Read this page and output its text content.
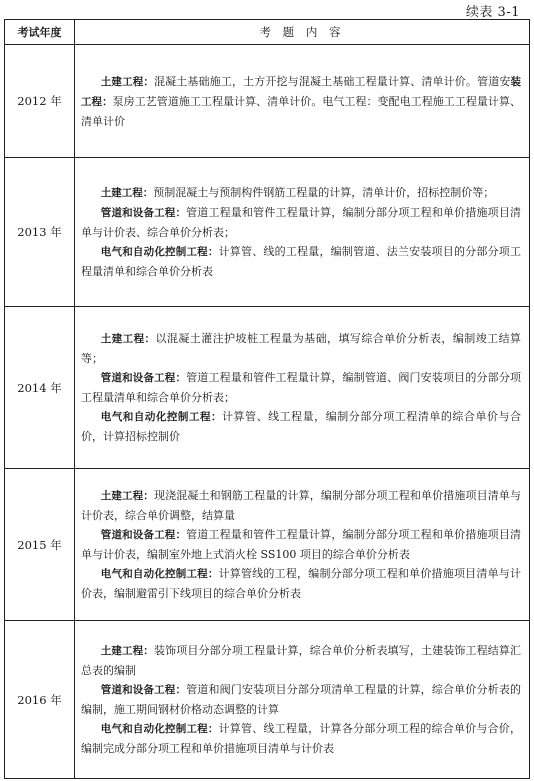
续表 3-1
考试年度	考 题 内 容
2012 年	土建工程：混凝土基础施工，土方开挖与混凝土基础工程量计算、清单计价。管道安装工程：泵房工艺管道施工工程量计算、清单计价。电气工程：变配电工程施工工程量计算、清单计价

2013 年	土建工程：预制混凝土与预制构件钢筋工程量的计算，清单计价，招标控制价等；

管道和设备工程：管道工程量和管件工程量计算，编制分部分项工程和单价措施项目清单与计价表、综合单价分析表；

电气和自动化控制工程：计算管、线的工程量，编制管道、法兰安装项目的分部分项工程量清单和综合单价分析表

2014 年	土建工程：以混凝土灌注护坡桩工程量为基础，填写综合单价分析表，编制竣工结算等；

管道和设备工程：管道工程量和管件工程量计算，编制管道、阀门安装项目的分部分项工程量清单和综合单价分析表；

电气和自动化控制工程：计算管、线工程量，编制分部分项工程清单的综合单价与合价，计算招标控制价

2015 年	土建工程：现浇混凝土和钢筋工程量的计算，编制分部分项工程和单价措施项目清单与计价表，综合单价调整，结算量

管道和设备工程：管道工程量和管件工程量计算，编制分部分项工程和单价措施项目清单与计价表，编制室外地上式消火栓 SS100 项目的综合单价分析表

电气和自动化控制工程：计算管线的工程，编制分部分项工程和单价措施项目清单与计价表，编制避雷引下线项目的综合单价分析表

2016 年	土建工程：装饰项目分部分项工程量计算，综合单价分析表填写，土建装饰工程结算汇总表的编制

管道和设备工程：管道和阀门安装项目分部分项清单工程量的计算，综合单价分析表的编制，施工期间钢材价格动态调整的计算

电气和自动化控制工程：计算管、线工程量，计算各分部分项工程的综合单价与合价，编制完成分部分项工程和单价措施项目清单与计价表
